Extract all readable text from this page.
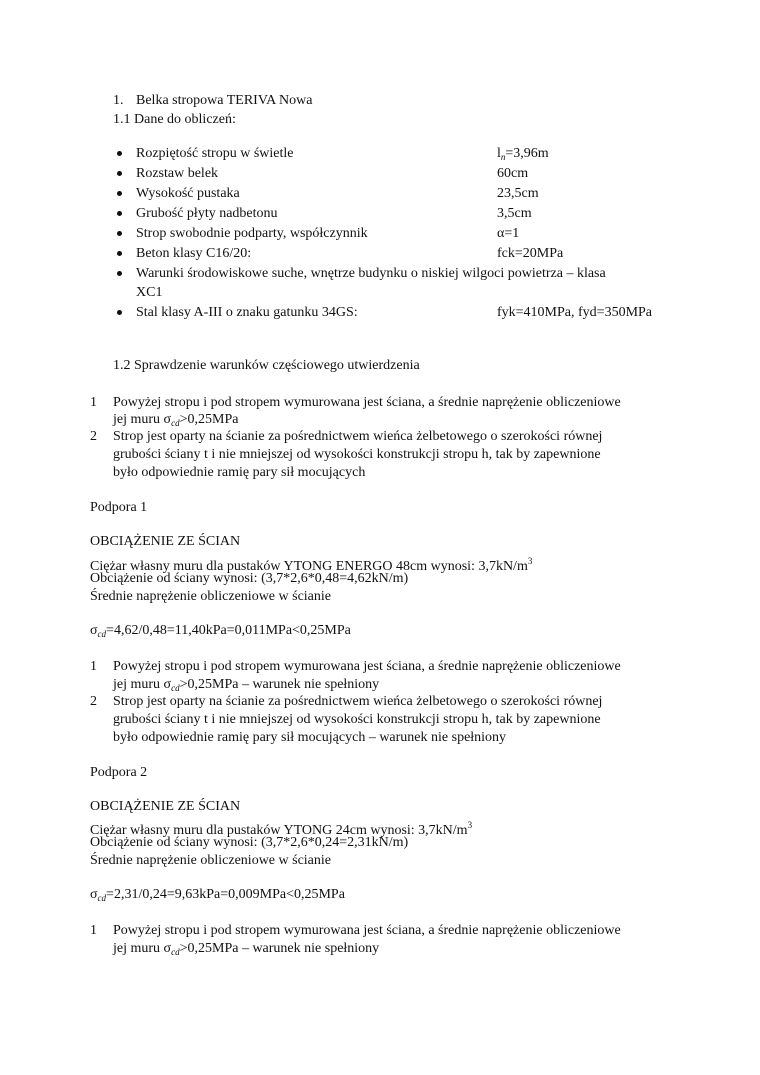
1. Belka stropowa TERIVA Nowa
1.1 Dane do obliczeń:
Rozpiętość stropu w świetle	$l_n=3,96m$
Rozstaw belek	60cm
Wysokość pustaka	23,5cm
Grubość płyty nadbetonu	3,5cm
Strop swobodnie podparty, współczynnik	α=1
Beton klasy C16/20:	fck=20MPa
Warunki środowiskowe suche, wnętrze budynku o niskiej wilgoci powietrza – klasa
XC1
Stal klasy A-III o znaku gatunku 34GS:	fyk=410MPa, fyd=350MPa
1.2 Sprawdzenie warunków częściowego utwierdzenia
1 Powyżej stropu i pod stropem wymurowana jest ściana, a średnie naprężenie obliczeniowe
jej muru $\sigma_{cd}>0,25MPa$
2 Strop jest oparty na ścianie za pośrednictwem wieńca żelbetowego o szerokości równej
grubości ściany t i nie mniejszej od wysokości konstrukcji stropu h, tak by zapewnione
było odpowiednie ramię pary sił mocujących
Podpora 1
OBCIĄŻENIE ZE ŚCIAN
Ciężar własny muru dla pustaków YTONG ENERGO 48cm wynosi: $3,7kN/m^3$
Obciążenie od ściany wynosi: (3,7*2,6*0,48=4,62kN/m)
Średnie naprężenie obliczeniowe w ścianie
$\sigma_{cd}=4,62/0,48=11,40kPa=0,011MPa<0,25MPa$
1 Powyżej stropu i pod stropem wymurowana jest ściana, a średnie naprężenie obliczeniowe
jej muru $\sigma_{cd}>0,25MPa$ – warunek nie spełniony
2 Strop jest oparty na ścianie za pośrednictwem wieńca żelbetowego o szerokości równej
grubości ściany t i nie mniejszej od wysokości konstrukcji stropu h, tak by zapewnione
było odpowiednie ramię pary sił mocujących – warunek nie spełniony
Podpora 2
OBCIĄŻENIE ZE ŚCIAN
Ciężar własny muru dla pustaków YTONG 24cm wynosi: $3,7kN/m^3$
Obciążenie od ściany wynosi: (3,7*2,6*0,24=2,31kN/m)
Średnie naprężenie obliczeniowe w ścianie
$\sigma_{cd}=2,31/0,24=9,63kPa=0,009MPa<0,25MPa$
1 Powyżej stropu i pod stropem wymurowana jest ściana, a średnie naprężenie obliczeniowe
jej muru $\sigma_{cd}>0,25MPa$ – warunek nie spełniony
